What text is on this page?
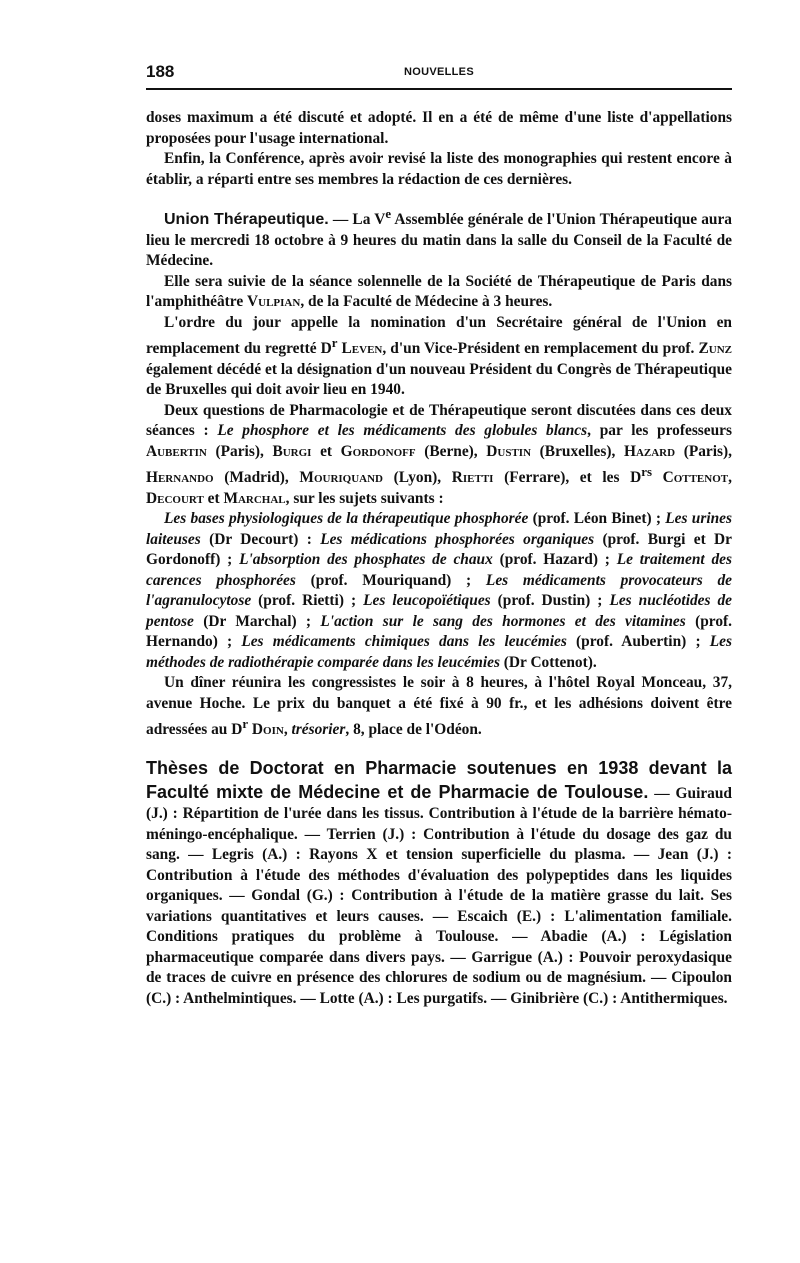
188	NOUVELLES

doses maximum a été discuté et adopté. Il en a été de même d'une liste d'appellations proposées pour l'usage international.

Enfin, la Conférence, après avoir revisé la liste des monographies qui restent encore à établir, a réparti entre ses membres la rédaction de ces dernières.

Union Thérapeutique. — La Ve Assemblée générale de l'Union Thérapeutique aura lieu le mercredi 18 octobre à 9 heures du matin dans la salle du Conseil de la Faculté de Médecine.

Elle sera suivie de la séance solennelle de la Société de Thérapeutique de Paris dans l'amphithéâtre Vulpian, de la Faculté de Médecine à 3 heures.

L'ordre du jour appelle la nomination d'un Secrétaire général de l'Union en remplacement du regretté $D^r$ Leven, d'un Vice-Président en remplacement du prof. Zunz également décédé et la désignation d'un nouveau Président du Congrès de Thérapeutique de Bruxelles qui doit avoir lieu en 1940.

Deux questions de Pharmacologie et de Thérapeutique seront discutées dans ces deux séances : Le phosphore et les médicaments des globules blancs, par les professeurs Aubertin (Paris), Burgi et Gordonoff (Berne), Dustin (Bruxelles), Hazard (Paris), Hernando (Madrid), Mouriquand (Lyon), Rietti (Ferrare), et les $D^{rs}$ Cottenot, Decourt et Marchal, sur les sujets suivants :

Les bases physiologiques de la thérapeutique phosphorée (prof. Léon Binet) ; Les urines laiteuses (Dr Decourt) : Les médications phosphorées organiques (prof. Burgi et Dr Gordonoff) ; L'absorption des phosphates de chaux (prof. Hazard) ; Le traitement des carences phosphorées (prof. Mouriquand) ; Les médicaments provocateurs de l'agranulocytose (prof. Rietti) ; Les leucopoïétiques (prof. Dustin) ; Les nucléotides de pentose (Dr Marchal) ; L'action sur le sang des hormones et des vitamines (prof. Hernando) ; Les médicaments chimiques dans les leucémies (prof. Aubertin) ; Les méthodes de radiothérapie comparée dans les leucémies (Dr Cottenot).

Un dîner réunira les congressistes le soir à 8 heures, à l'hôtel Royal Monceau, 37, avenue Hoche. Le prix du banquet a été fixé à 90 fr., et les adhésions doivent être adressées au $D^r$ Doin, trésorier, 8, place de l'Odéon.

Thèses de Doctorat en Pharmacie soutenues en 1938 devant la Faculté mixte de Médecine et de Pharmacie de Toulouse. — Guiraud (J.) : Répartition de l'urée dans les tissus. Contribution à l'étude de la barrière hémato-méningo-encéphalique. — Terrien (J.) : Contribution à l'étude du dosage des gaz du sang. — Legris (A.) : Rayons X et tension superficielle du plasma. — Jean (J.) : Contribution à l'étude des méthodes d'évaluation des polypeptides dans les liquides organiques. — Gondal (G.) : Contribution à l'étude de la matière grasse du lait. Ses variations quantitatives et leurs causes. — Escaich (E.) : L'alimentation familiale. Conditions pratiques du problème à Toulouse. — Abadie (A.) : Législation pharmaceutique comparée dans divers pays. — Garrigue (A.) : Pouvoir peroxydasique de traces de cuivre en présence des chlorures de sodium ou de magnésium. — Cipoulon (C.) : Anthelmintiques. — Lotte (A.) : Les purgatifs. — Ginibrière (C.) : Antithermiques.
